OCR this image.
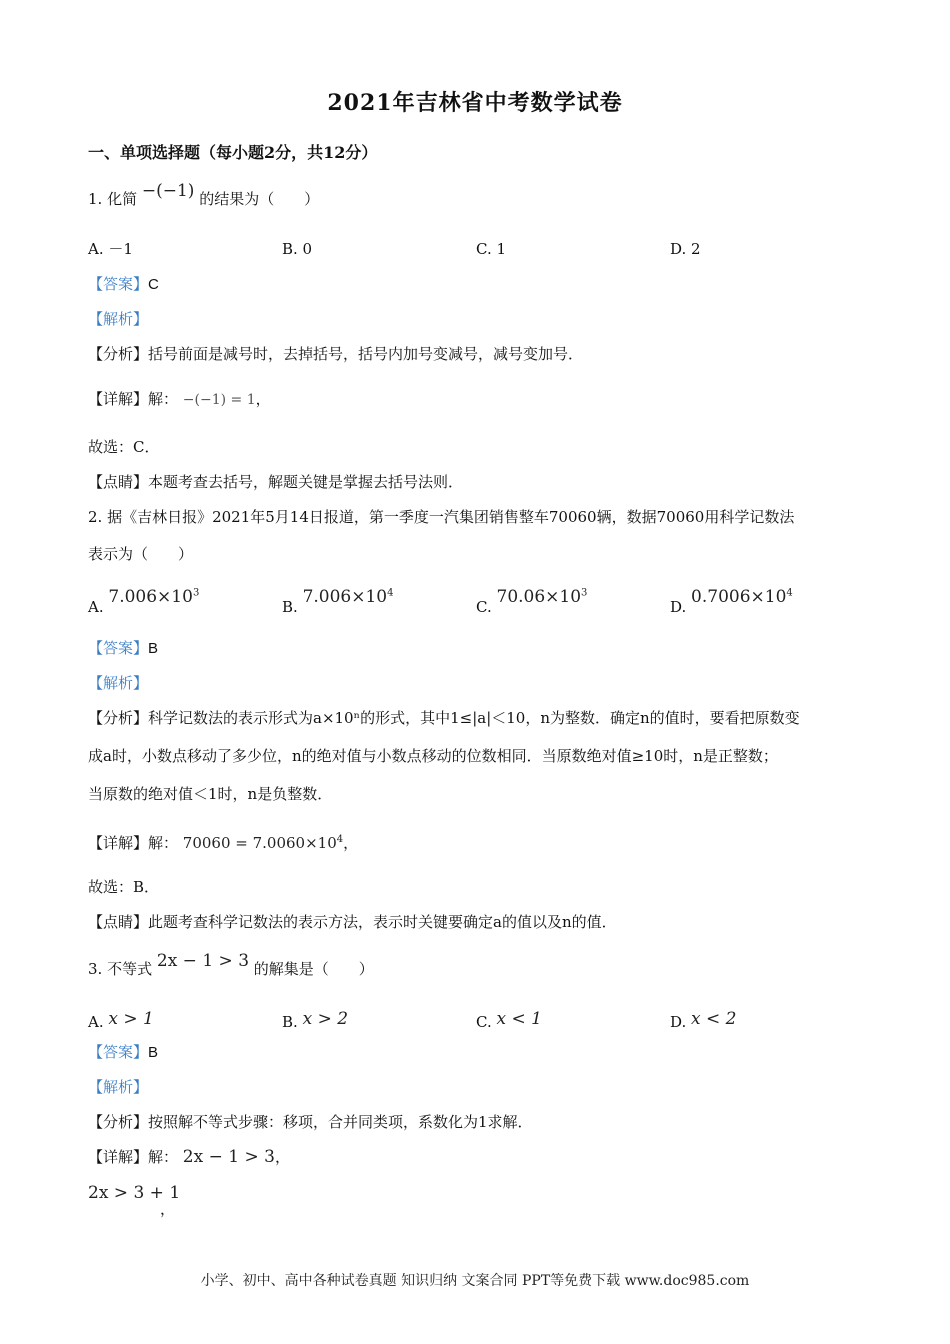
2021年吉林省中考数学试卷
一、单项选择题（每小题2分，共12分）
1. 化简 −(−1) 的结果为（　　）
A. －1	B. 0	C. 1	D. 2
【答案】C
【解析】
【分析】括号前面是减号时，去掉括号，括号内加号变减号，减号变加号．
【详解】解： −(−1) = 1，
故选：C．
【点睛】本题考查去括号，解题关键是掌握去括号法则．
2. 据《吉林日报》2021年5月14日报道，第一季度一汽集团销售整车70060辆，数据70060用科学记数法
表示为（　　）
A. $7.006\times 10^3$
B. $7.006\times 10^4$
C. $70.06\times 10^3$
D. $0.7006\times 10^4$
【答案】B
【解析】
【分析】科学记数法的表示形式为a×10ⁿ的形式，其中1≤|a|＜10，n为整数．确定n的值时，要看把原数变
成a时，小数点移动了多少位，n的绝对值与小数点移动的位数相同．当原数绝对值≥10时，n是正整数；
当原数的绝对值＜1时，n是负整数．
【详解】解： $70060 = 7.0060\times 10^4$，
故选：B．
【点睛】此题考查科学记数法的表示方法，表示时关键要确定a的值以及n的值．
3. 不等式 2x − 1 > 3 的解集是（　　）
A. x > 1	B. x > 2	C. x < 1	D. x < 2
【答案】B
【解析】
【分析】按照解不等式步骤：移项，合并同类项，系数化为1求解．
【详解】解： 2x − 1 > 3，
2x > 3 + 1
，
小学、初中、高中各种试卷真题 知识归纳 文案合同 PPT等免费下载 www.doc985.com
